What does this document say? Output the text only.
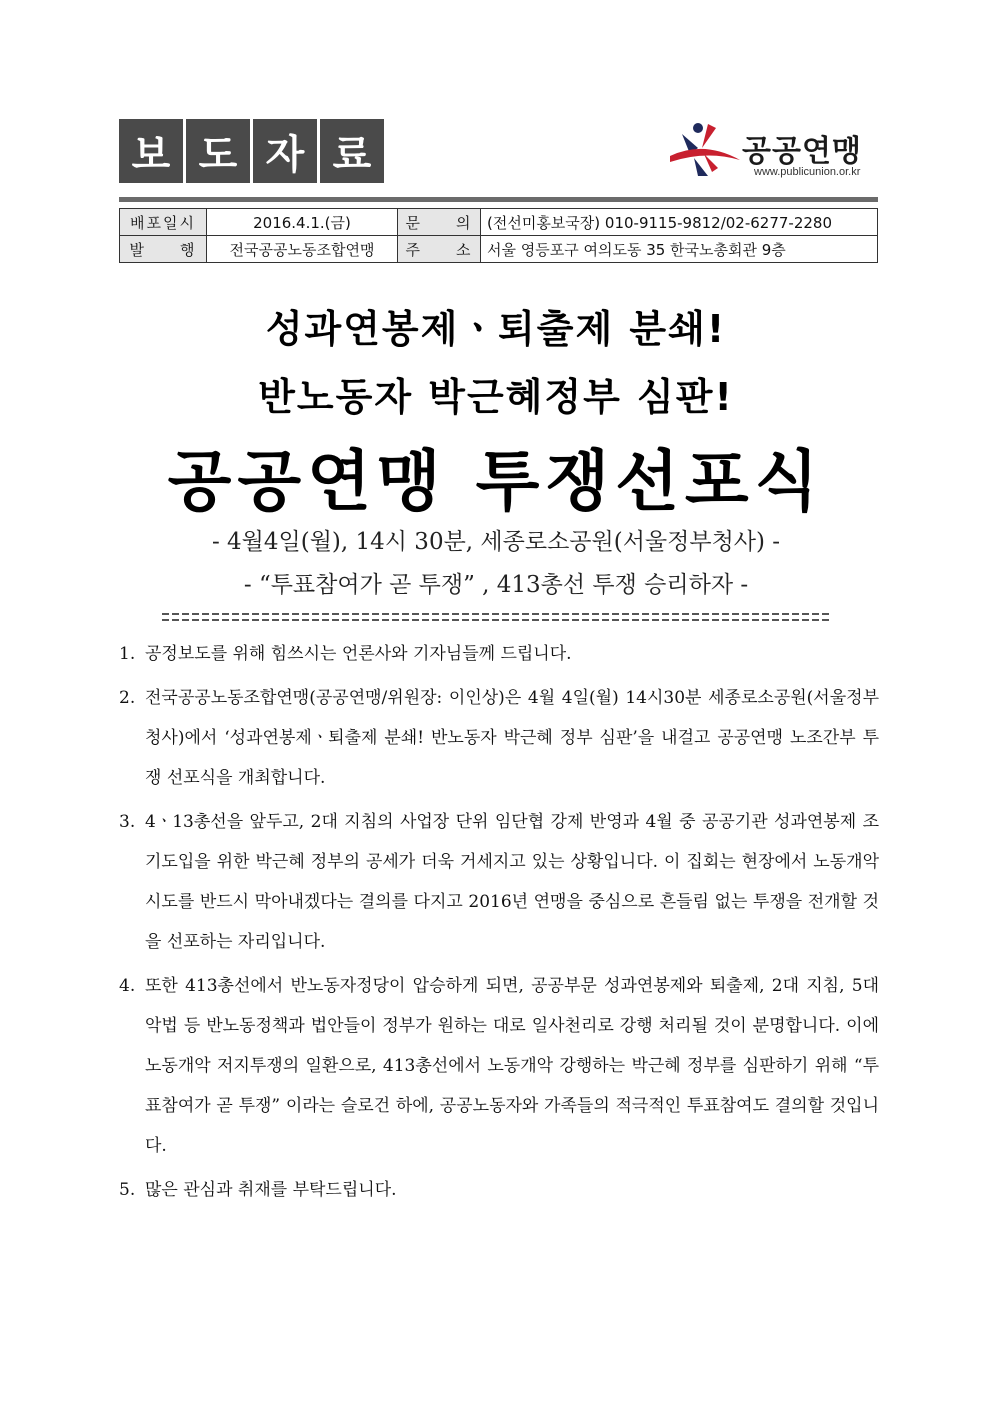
보 도 자 료	공공연맹
www.publicunion.or.kr
배포일시	2016.4.1.(금)	문　　의	(전선미홍보국장) 010-9115-9812/02-6277-2280
발　　행	전국공공노동조합연맹	주　　소	서울 영등포구 여의도동 35 한국노총회관 9층
성과연봉제ㆍ퇴출제 분쇄!
반노동자 박근혜정부 심판!
공공연맹 투쟁선포식
- 4월4일(월), 14시 30분, 세종로소공원(서울정부청사) -
- “투표참여가 곧 투쟁” , 413총선 투쟁 승리하자 -
1. 공정보도를 위해 힘쓰시는 언론사와 기자님들께 드립니다.

2. 전국공공노동조합연맹(공공연맹/위원장: 이인상)은 4월 4일(월) 14시30분 세종로소공원(서울정부청사)에서 ‘성과연봉제ㆍ퇴출제 분쇄! 반노동자 박근혜 정부 심판’을 내걸고 공공연맹 노조간부 투쟁 선포식을 개최합니다.

3. 4ㆍ13총선을 앞두고, 2대 지침의 사업장 단위 임단협 강제 반영과 4월 중 공공기관 성과연봉제 조기도입을 위한 박근혜 정부의 공세가 더욱 거세지고 있는 상황입니다. 이 집회는 현장에서 노동개악시도를 반드시 막아내겠다는 결의를 다지고 2016년 연맹을 중심으로 흔들림 없는 투쟁을 전개할 것을 선포하는 자리입니다.

4. 또한 413총선에서 반노동자정당이 압승하게 되면, 공공부문 성과연봉제와 퇴출제, 2대 지침, 5대 악법 등 반노동정책과 법안들이 정부가 원하는 대로 일사천리로 강행 처리될 것이 분명합니다. 이에 노동개악 저지투쟁의 일환으로, 413총선에서 노동개악 강행하는 박근혜 정부를 심판하기 위해 “투표참여가 곧 투쟁” 이라는 슬로건 하에, 공공노동자와 가족들의 적극적인 투표참여도 결의할 것입니다.

5. 많은 관심과 취재를 부탁드립니다.
